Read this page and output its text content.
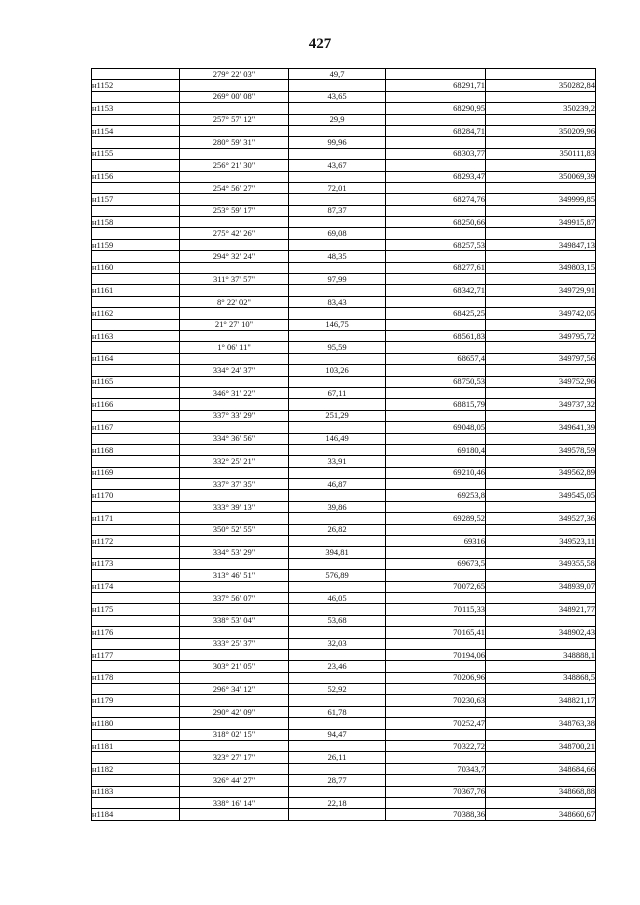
427
	279° 22' 03"	49,7		
н1152			68291,71	350282,84
	269° 00' 08"	43,65		
н1153			68290,95	350239,2
	257° 57' 12"	29,9		
н1154			68284,71	350209,96
	280° 59' 31"	99,96		
н1155			68303,77	350111,83
	256° 21' 30"	43,67		
н1156			68293,47	350069,39
	254° 56' 27"	72,01		
н1157			68274,76	349999,85
	253° 59' 17"	87,37		
н1158			68250,66	349915,87
	275° 42' 26"	69,08		
н1159			68257,53	349847,13
	294° 32' 24"	48,35		
н1160			68277,61	349803,15
	311° 37' 57"	97,99		
н1161			68342,71	349729,91
	8° 22' 02"	83,43		
н1162			68425,25	349742,05
	21° 27' 10"	146,75		
н1163			68561,83	349795,72
	1° 06' 11"	95,59		
н1164			68657,4	349797,56
	334° 24' 37"	103,26		
н1165			68750,53	349752,96
	346° 31' 22"	67,11		
н1166			68815,79	349737,32
	337° 33' 29"	251,29		
н1167			69048,05	349641,39
	334° 36' 56"	146,49		
н1168			69180,4	349578,59
	332° 25' 21"	33,91		
н1169			69210,46	349562,89
	337° 37' 35"	46,87		
н1170			69253,8	349545,05
	333° 39' 13"	39,86		
н1171			69289,52	349527,36
	350° 52' 55"	26,82		
н1172			69316	349523,11
	334° 53' 29"	394,81		
н1173			69673,5	349355,58
	313° 46' 51"	576,89		
н1174			70072,65	348939,07
	337° 56' 07"	46,05		
н1175			70115,33	348921,77
	338° 53' 04"	53,68		
н1176			70165,41	348902,43
	333° 25' 37"	32,03		
н1177			70194,06	348888,1
	303° 21' 05"	23,46		
н1178			70206,96	348868,5
	296° 34' 12"	52,92		
н1179			70230,63	348821,17
	290° 42' 09"	61,78		
н1180			70252,47	348763,38
	318° 02' 15"	94,47		
н1181			70322,72	348700,21
	323° 27' 17"	26,11		
н1182			70343,7	348684,66
	326° 44' 27"	28,77		
н1183			70367,76	348668,88
	338° 16' 14"	22,18		
н1184			70388,36	348660,67
